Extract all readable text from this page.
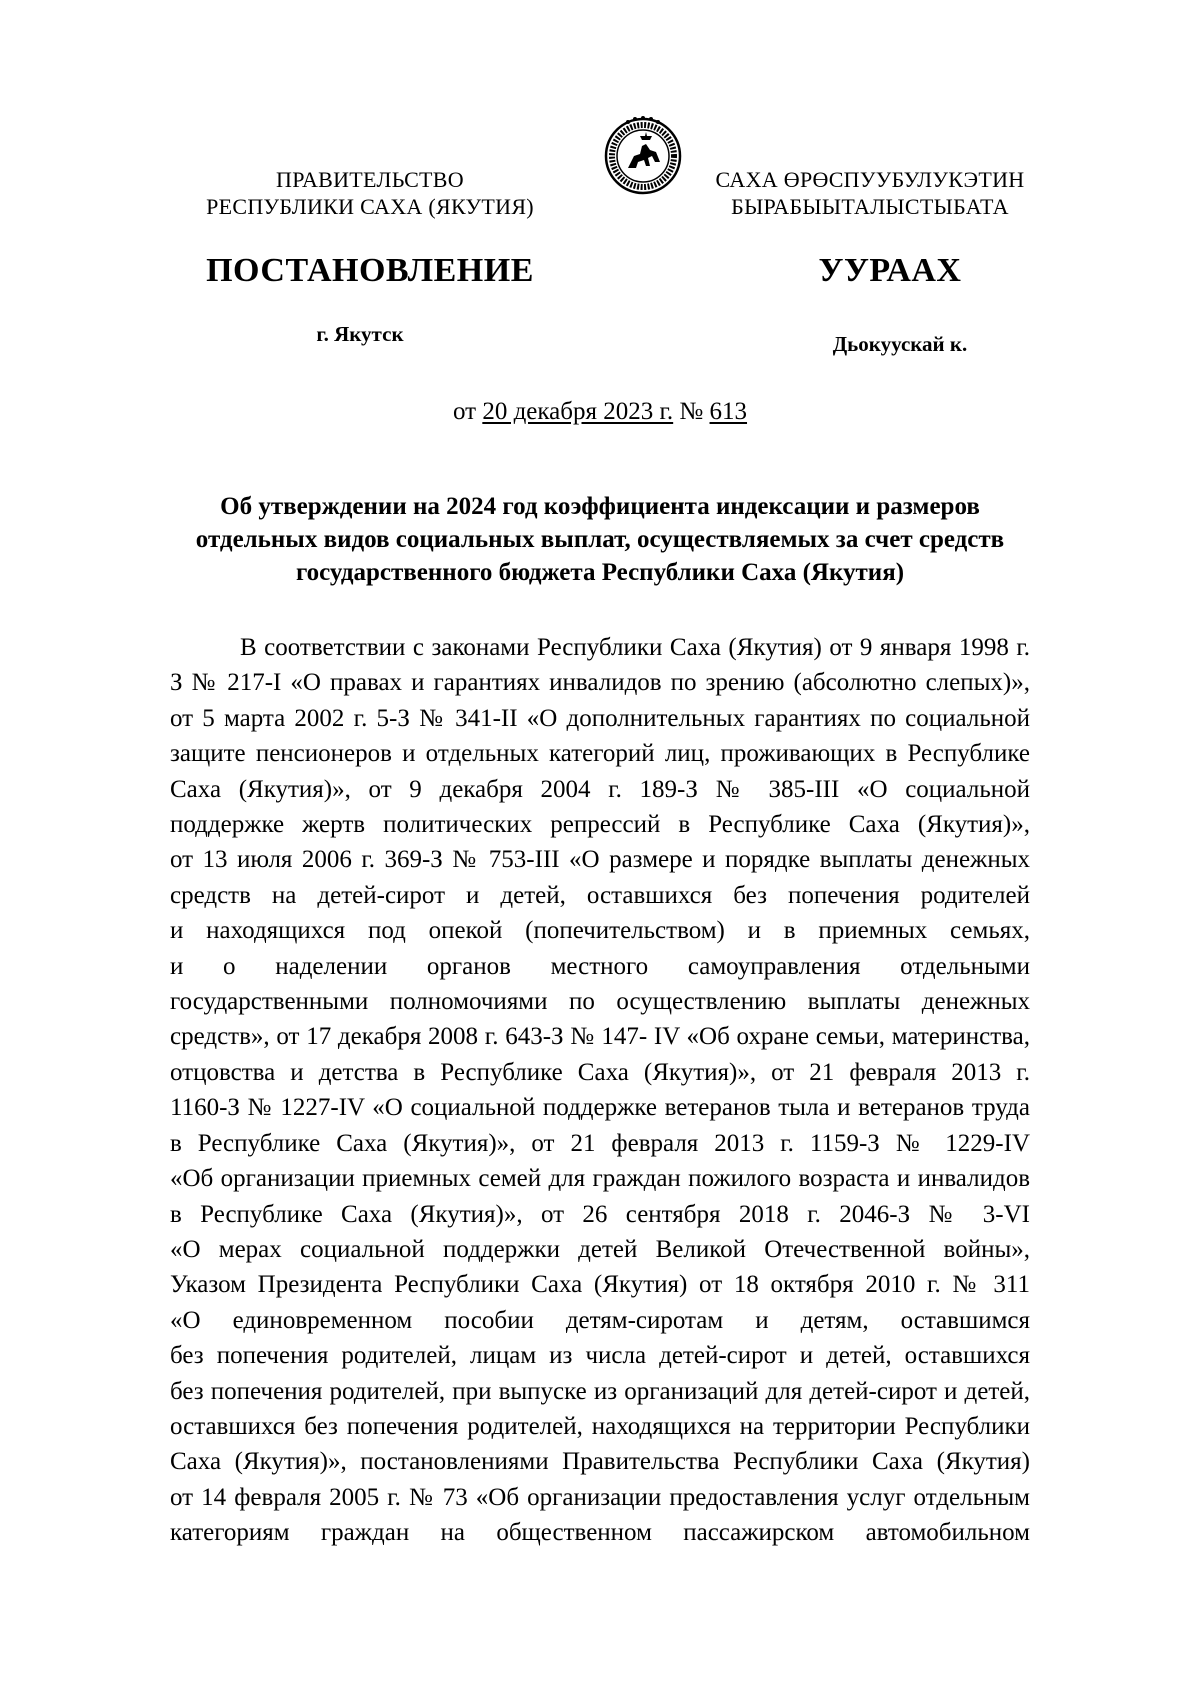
ПРАВИТЕЛЬСТВО
РЕСПУБЛИКИ САХА (ЯКУТИЯ)
САХА ӨРӨСПУУБУЛУКЭТИН
БЫРАБЫЫТАЛЫСТЫБАТА
ПОСТАНОВЛЕНИЕ	УУРААХ
г. Якутск	Дьокуускай к.
от 20 декабря 2023 г. № 613
Об утверждении на 2024 год коэффициента индексации и размеров
отдельных видов социальных выплат, осуществляемых за счет средств
государственного бюджета Республики Саха (Якутия)
В соответствии с законами Республики Саха (Якутия) от 9 января 1998 г.
З № 217-I «О правах и гарантиях инвалидов по зрению (абсолютно слепых)»,
от 5 марта 2002 г. 5-З № 341-II «О дополнительных гарантиях по социальной
защите пенсионеров и отдельных категорий лиц, проживающих в Республике
Саха (Якутия)», от 9 декабря 2004 г. 189-З № 385-III «О социальной
поддержке жертв политических репрессий в Республике Саха (Якутия)»,
от 13 июля 2006 г. 369-З № 753-III «О размере и порядке выплаты денежных
средств на детей-сирот и детей, оставшихся без попечения родителей
и находящихся под опекой (попечительством) и в приемных семьях,
и о наделении органов местного самоуправления отдельными
государственными полномочиями по осуществлению выплаты денежных
средств», от 17 декабря 2008 г. 643-З № 147- IV «Об охране семьи, материнства,
отцовства и детства в Республике Саха (Якутия)», от 21 февраля 2013 г.
1160-З № 1227-IV «О социальной поддержке ветеранов тыла и ветеранов труда
в Республике Саха (Якутия)», от 21 февраля 2013 г. 1159-З № 1229-IV
«Об организации приемных семей для граждан пожилого возраста и инвалидов
в Республике Саха (Якутия)», от 26 сентября 2018 г. 2046-З № 3-VI
«О мерах социальной поддержки детей Великой Отечественной войны»,
Указом Президента Республики Саха (Якутия) от 18 октября 2010 г. № 311
«О единовременном пособии детям-сиротам и детям, оставшимся
без попечения родителей, лицам из числа детей-сирот и детей, оставшихся
без попечения родителей, при выпуске из организаций для детей-сирот и детей,
оставшихся без попечения родителей, находящихся на территории Республики
Саха (Якутия)», постановлениями Правительства Республики Саха (Якутия)
от 14 февраля 2005 г. № 73 «Об организации предоставления услуг отдельным
категориям граждан на общественном пассажирском автомобильном
